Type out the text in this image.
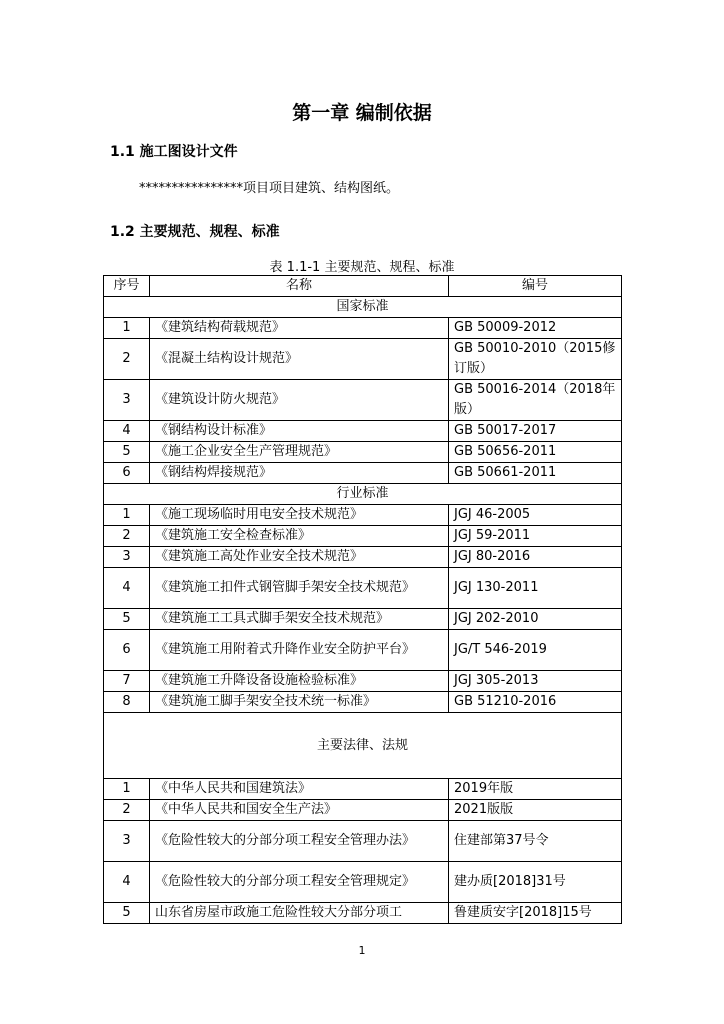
第一章 编制依据
1.1 施工图设计文件
****************项目项目建筑、结构图纸。
1.2 主要规范、规程、标准
表 1.1-1 主要规范、规程、标准
序号	名称	编号
国家标准		
1	《建筑结构荷载规范》	GB 50009-2012
2	《混凝土结构设计规范》	GB 50010-2010（2015修订版）
3	《建筑设计防火规范》	GB 50016-2014（2018年版）
4	《钢结构设计标准》	GB 50017-2017
5	《施工企业安全生产管理规范》	GB 50656-2011
6	《钢结构焊接规范》	GB 50661-2011
行业标准		
1	《施工现场临时用电安全技术规范》	JGJ 46-2005
2	《建筑施工安全检查标准》	JGJ 59-2011
3	《建筑施工高处作业安全技术规范》	JGJ 80-2016
4	《建筑施工扣件式钢管脚手架安全技术规范》	JGJ 130-2011
5	《建筑施工工具式脚手架安全技术规范》	JGJ 202-2010
6	《建筑施工用附着式升降作业安全防护平台》	JG/T 546-2019
7	《建筑施工升降设备设施检验标准》	JGJ 305-2013
8	《建筑施工脚手架安全技术统一标准》	GB 51210-2016
主要法律、法规		
1	《中华人民共和国建筑法》	2019年版
2	《中华人民共和国安全生产法》	2021版版
3	《危险性较大的分部分项工程安全管理办法》	住建部第37号令
4	《危险性较大的分部分项工程安全管理规定》	建办质[2018]31号
5	山东省房屋市政施工危险性较大分部分项工	鲁建质安字[2018]15号
1
